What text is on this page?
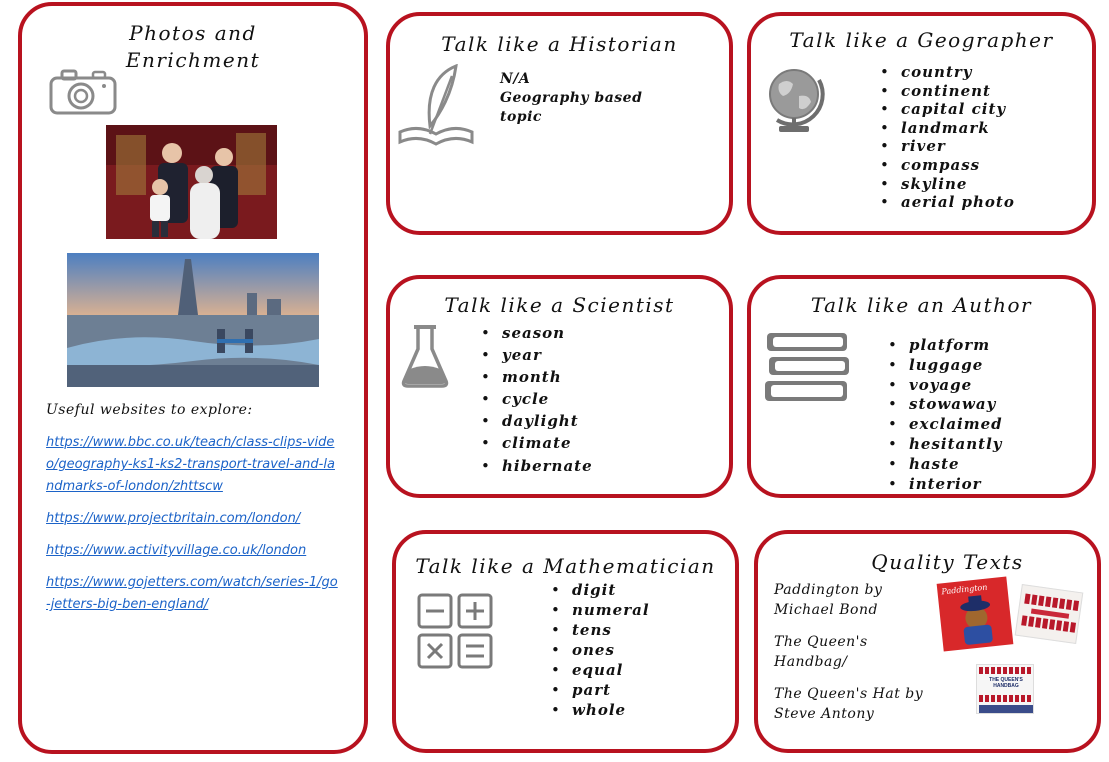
Photos and Enrichment
Useful websites to explore:
https://www.bbc.co.uk/teach/class-clips-video/geography-ks1-ks2-transport-travel-and-landmarks-of-london/zhttscw
https://www.projectbritain.com/london/
https://www.activityvillage.co.uk/london
https://www.gojetters.com/watch/series-1/go-jetters-big-ben-england/
Talk like a Historian
N/A
Geography based
topic
Talk like a Geographer
• country
• continent
• capital city
• landmark
• river
• compass
• skyline
• aerial photo
Talk like a Scientist
• season
• year
• month
• cycle
• daylight
• climate
• hibernate
Talk like an Author
• platform
• luggage
• voyage
• stowaway
• exclaimed
• hesitantly
• haste
• interior
Talk like a Mathematician
• digit
• numeral
• tens
• ones
• equal
• part
• whole
Quality Texts
Paddington by
Michael Bond
The Queen's
Handbag/
The Queen's Hat by
Steve Antony
Paddington
THE QUEEN'S HANDBAG
